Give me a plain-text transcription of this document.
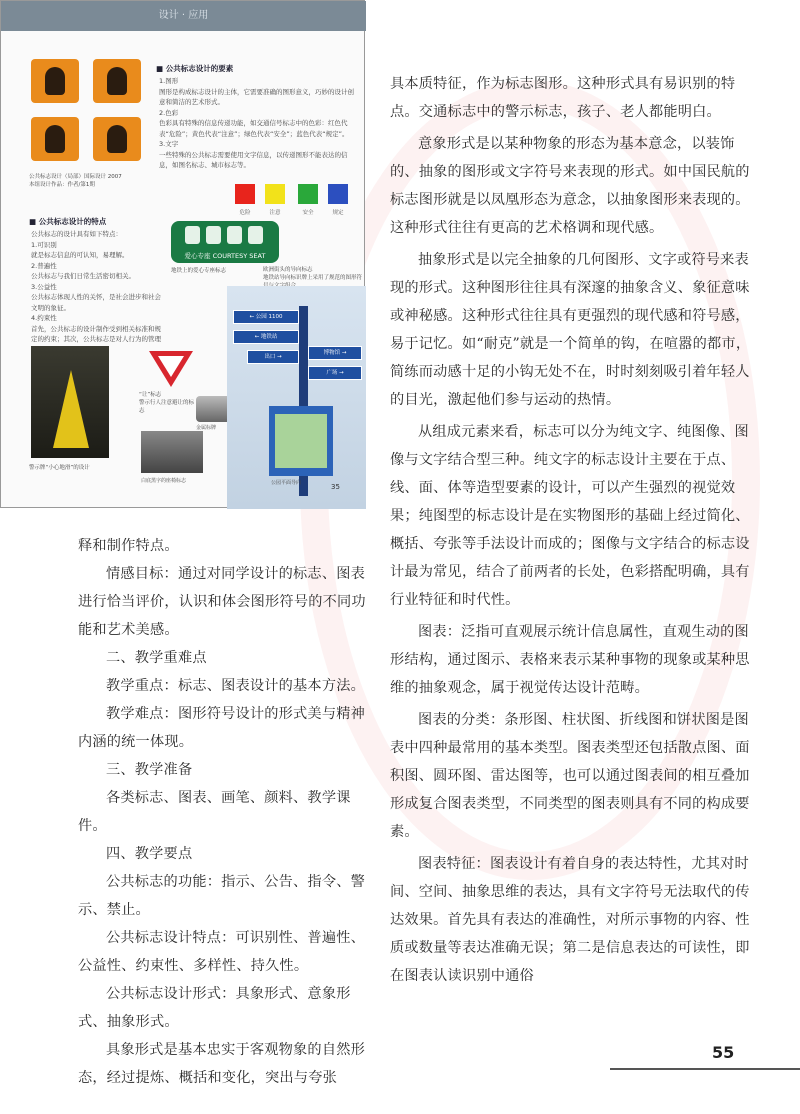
设计 · 应用
公共标志设计（局部）国际设计 2007
本组设计作品：作者/第1期
■ 公共标志设计的要素
1.图形
图形是构成标志设计的主体，它需要准确的图形意义，巧妙的设计创意和简洁的艺术形式。
2.色彩
色彩具有特殊的信息传递功能，如交通信号标志中的色彩：红色代表“危险”；黄色代表“注意”；绿色代表“安全”；蓝色代表“规定”。
3.文字
一些特殊的公共标志需要使用文字信息，以传递图形不能表达的信息，如图名标志、城市标志等。
危险	注意	安全	规定
■ 公共标志设计的特点
公共标志的设计具有如下特点：
1.可识别
就是标志信息的可认知，易理解。
2.普遍性
公共标志与我们日常生活密切相关。
3.公益性
公共标志体现人性的关怀，是社会进步和社会文明的象征。
4.约束性
首先，公共标志的设计制作受到相关标准和规定的约束；其次，公共标志是对人行为的管理
爱心专座 COURTESY SEAT
地铁上的爱心专座标志	欧洲街头的导向标志
地铁站导向标识牌上采用了规范的图形符

警示牌“小心地滑”的设计
“让”标志
警示行人注意避让的标志
金属标牌
白底黑字的座椅标志
← 公园 1100
← 地铁站
出口 →
博物馆 →
广场 →
公园平面导向	35

具本质特征，作为标志图形。这种形式具有易识别的特点。交通标志中的警示标志，孩子、老人都能明白。

意象形式是以某种物象的形态为基本意念，以装饰的、抽象的图形或文字符号来表现的形式。如中国民航的标志图形就是以凤凰形态为意念，以抽象图形来表现的。这种形式往往有更高的艺术格调和现代感。

抽象形式是以完全抽象的几何图形、文字或符号来表现的形式。这种图形往往具有深邃的抽象含义、象征意味或神秘感。这种形式往往具有更强烈的现代感和符号感，易于记忆。如“耐克”就是一个简单的钩，在喧嚣的都市，简练而动感十足的小钩无处不在，时时刻刻吸引着年轻人的目光，激起他们参与运动的热情。

从组成元素来看，标志可以分为纯文字、纯图像、图像与文字结合型三种。纯文字的标志设计主要在于点、线、面、体等造型要素的设计，可以产生强烈的视觉效果；纯图型的标志设计是在实物图形的基础上经过简化、概括、夸张等手法设计而成的；图像与文字结合的标志设计最为常见，结合了前两者的长处，色彩搭配明确，具有行业特征和时代性。

图表：泛指可直观展示统计信息属性，直观生动的图形结构，通过图示、表格来表示某种事物的现象或某种思维的抽象观念，属于视觉传达设计范畴。

图表的分类：条形图、柱状图、折线图和饼状图是图表中四种最常用的基本类型。图表类型还包括散点图、面积图、圆环图、雷达图等，也可以通过图表间的相互叠加形成复合图表类型，不同类型的图表则具有不同的构成要素。

图表特征：图表设计有着自身的表达特性，尤其对时间、空间、抽象思维的表达，具有文字符号无法取代的传达效果。首先具有表达的准确性，对所示事物的内容、性质或数量等表达准确无误；第二是信息表达的可读性，即在图表认读识别中通俗

释和制作特点。

情感目标：通过对同学设计的标志、图表进行恰当评价，认识和体会图形符号的不同功能和艺术美感。

二、教学重难点

教学重点：标志、图表设计的基本方法。

教学难点：图形符号设计的形式美与精神内涵的统一体现。

三、教学准备

各类标志、图表、画笔、颜料、教学课件。

四、教学要点

公共标志的功能：指示、公告、指令、警示、禁止。

公共标志设计特点：可识别性、普遍性、公益性、约束性、多样性、持久性。

公共标志设计形式：具象形式、意象形式、抽象形式。

具象形式是基本忠实于客观物象的自然形态，经过提炼、概括和变化，突出与夸张

55
